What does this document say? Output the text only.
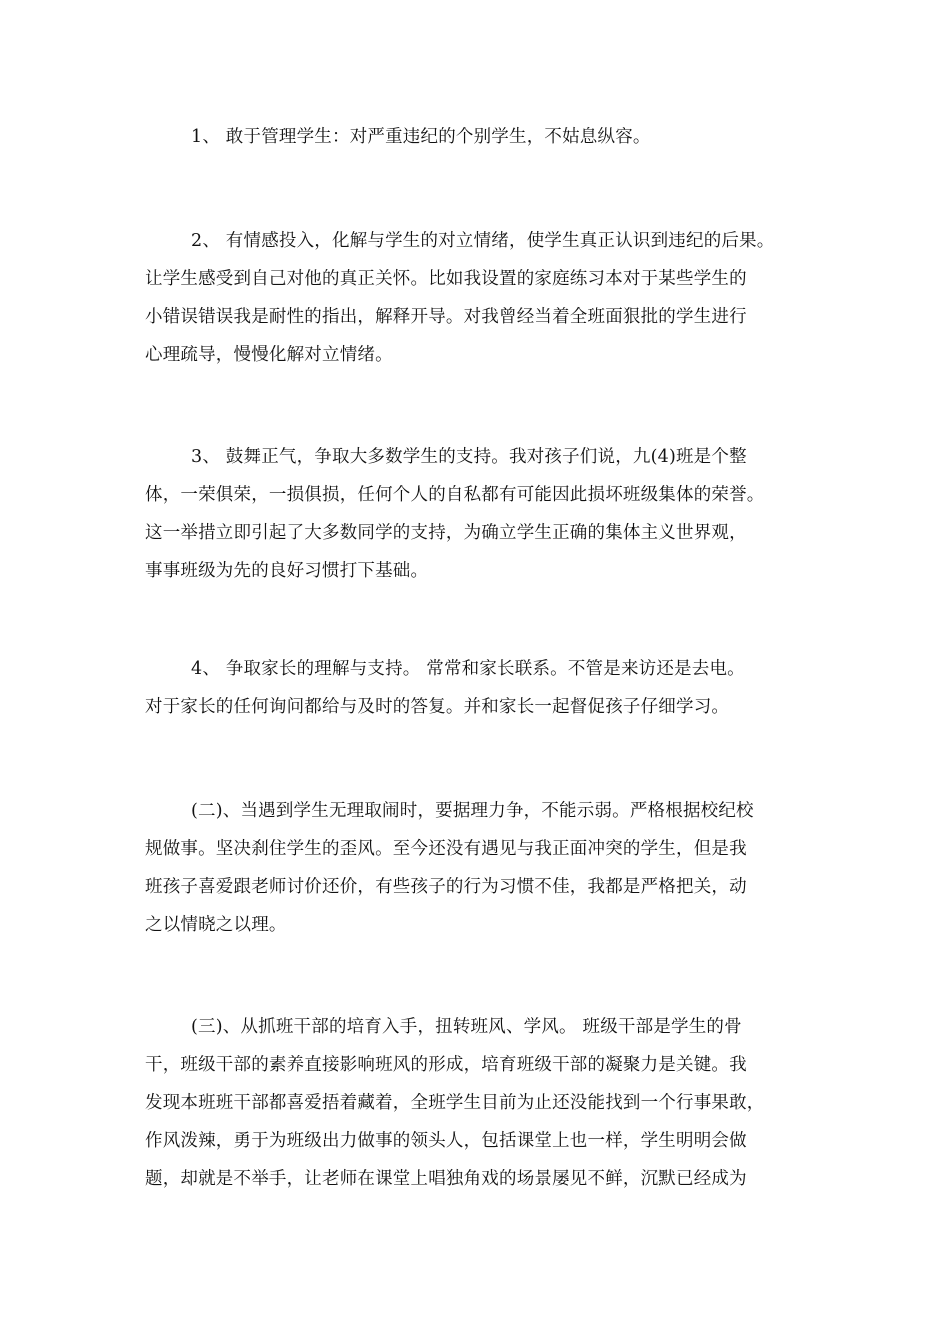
1、 敢于管理学生：对严重违纪的个别学生，不姑息纵容。
2、 有情感投入，化解与学生的对立情绪，使学生真正认识到违纪的后果。
让学生感受到自己对他的真正关怀。比如我设置的家庭练习本对于某些学生的
小错误错误我是耐性的指出，解释开导。对我曾经当着全班面狠批的学生进行
心理疏导，慢慢化解对立情绪。
3、 鼓舞正气，争取大多数学生的支持。我对孩子们说，九(4)班是个整
体，一荣俱荣，一损俱损，任何个人的自私都有可能因此损坏班级集体的荣誉。
这一举措立即引起了大多数同学的支持，为确立学生正确的集体主义世界观，
事事班级为先的良好习惯打下基础。
4、 争取家长的理解与支持。 常常和家长联系。不管是来访还是去电。
对于家长的任何询问都给与及时的答复。并和家长一起督促孩子仔细学习。
(二)、当遇到学生无理取闹时，要据理力争，不能示弱。严格根据校纪校
规做事。坚决刹住学生的歪风。至今还没有遇见与我正面冲突的学生，但是我
班孩子喜爱跟老师讨价还价，有些孩子的行为习惯不佳，我都是严格把关，动
之以情晓之以理。
(三)、从抓班干部的培育入手，扭转班风、学风。 班级干部是学生的骨
干，班级干部的素养直接影响班风的形成，培育班级干部的凝聚力是关键。我
发现本班班干部都喜爱捂着藏着，全班学生目前为止还没能找到一个行事果敢，
作风泼辣，勇于为班级出力做事的领头人，包括课堂上也一样，学生明明会做
题，却就是不举手，让老师在课堂上唱独角戏的场景屡见不鲜，沉默已经成为
